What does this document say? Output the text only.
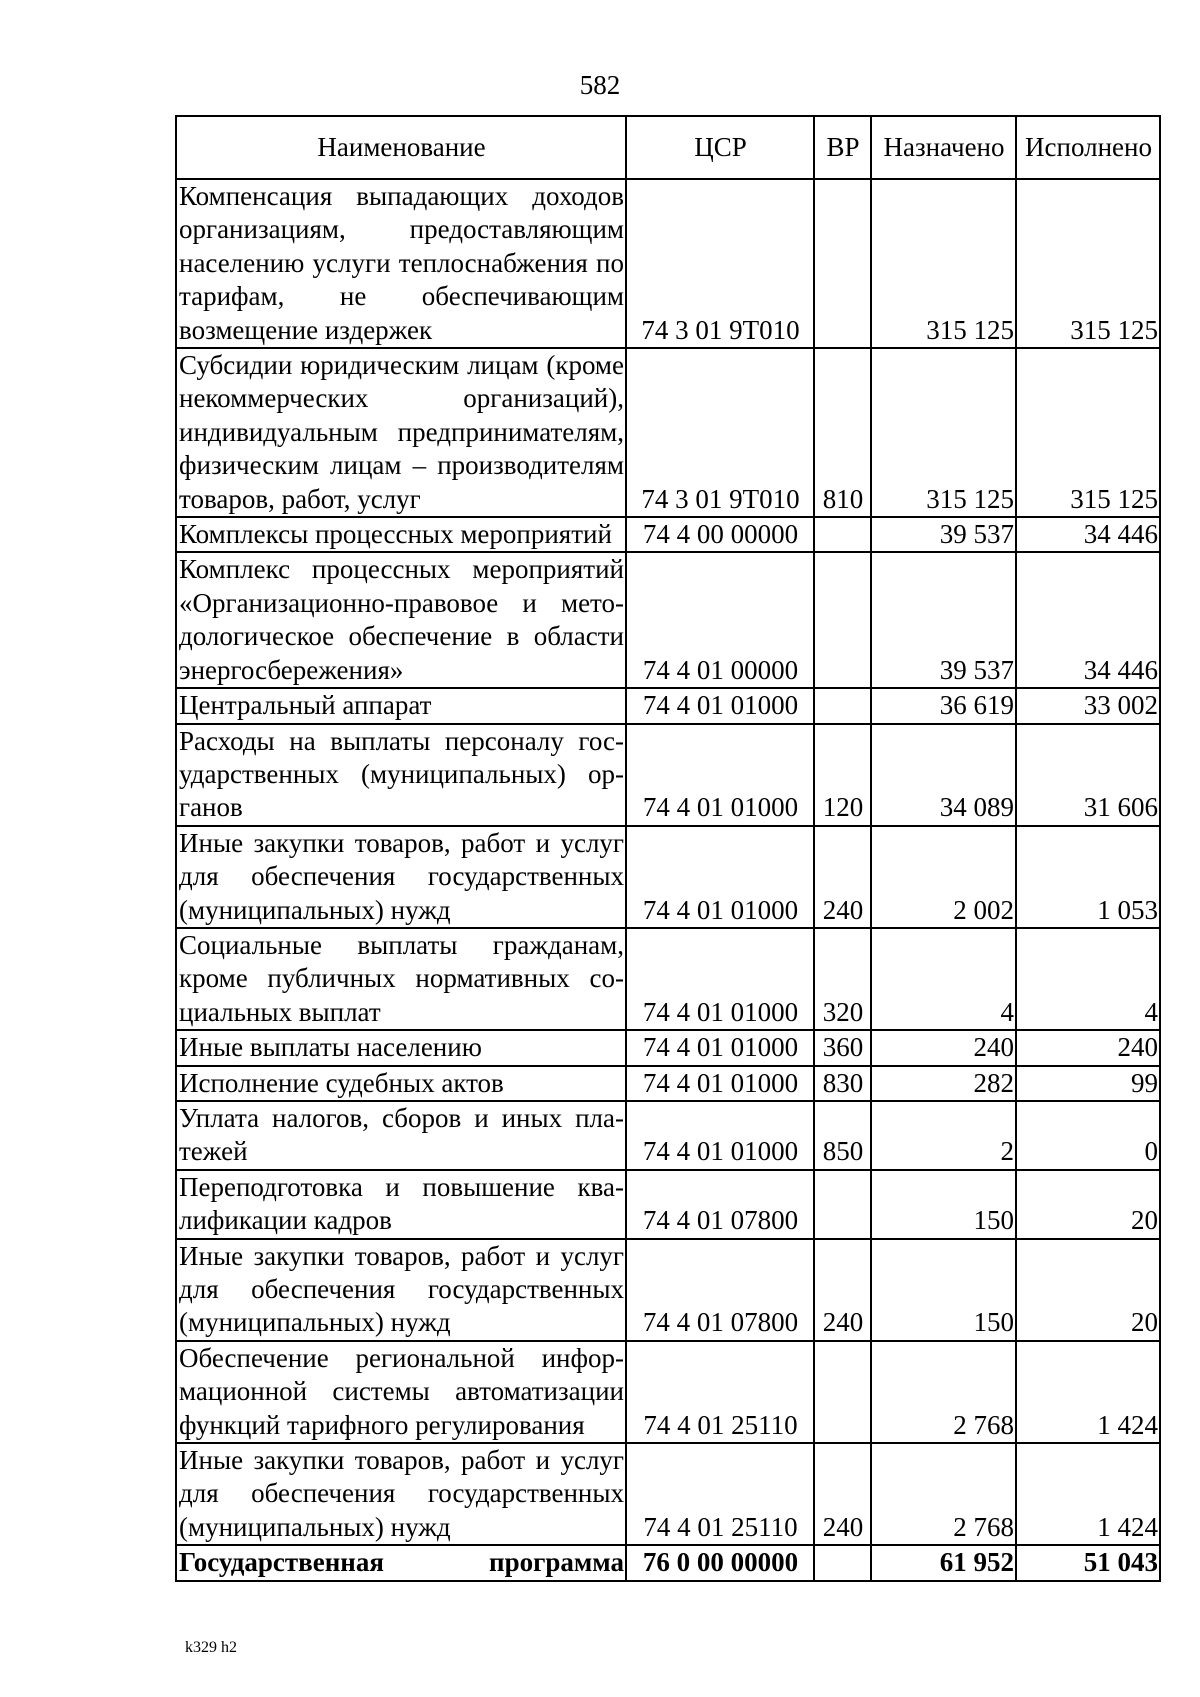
582
Наименование	ЦСР	ВР	Назначено	Исполнено
Компенсация выпадающих доходов организациям, предоставляющим населению услуги теплоснабжения по тарифам, не обеспечивающим возмещение издержек	74 3 01 9Т010		315 125	315 125
Субсидии юридическим лицам (кроме некоммерческих организаций), индивидуальным предпринимателям, физическим лицам – производителям товаров, работ, услуг	74 3 01 9Т010	810	315 125	315 125
Комплексы процессных мероприятий	74 4 00 00000		39 537	34 446
Комплекс процессных мероприятий «Организационно-правовое и методологическое обеспечение в области энергосбережения»	74 4 01 00000		39 537	34 446
Центральный аппарат	74 4 01 01000		36 619	33 002
Расходы на выплаты персоналу государственных (муниципальных) органов	74 4 01 01000	120	34 089	31 606
Иные закупки товаров, работ и услуг для обеспечения государственных (муниципальных) нужд	74 4 01 01000	240	2 002	1 053
Социальные выплаты гражданам, кроме публичных нормативных социальных выплат	74 4 01 01000	320	4	4
Иные выплаты населению	74 4 01 01000	360	240	240
Исполнение судебных актов	74 4 01 01000	830	282	99
Уплата налогов, сборов и иных платежей	74 4 01 01000	850	2	0
Переподготовка и повышение квалификации кадров	74 4 01 07800		150	20
Иные закупки товаров, работ и услуг для обеспечения государственных (муниципальных) нужд	74 4 01 07800	240	150	20
Обеспечение региональной информационной системы автоматизации функций тарифного регулирования	74 4 01 25110		2 768	1 424
Иные закупки товаров, работ и услуг для обеспечения государственных (муниципальных) нужд	74 4 01 25110	240	2 768	1 424
Государственная программа	76 0 00 00000		61 952	51 043
k329 h2
